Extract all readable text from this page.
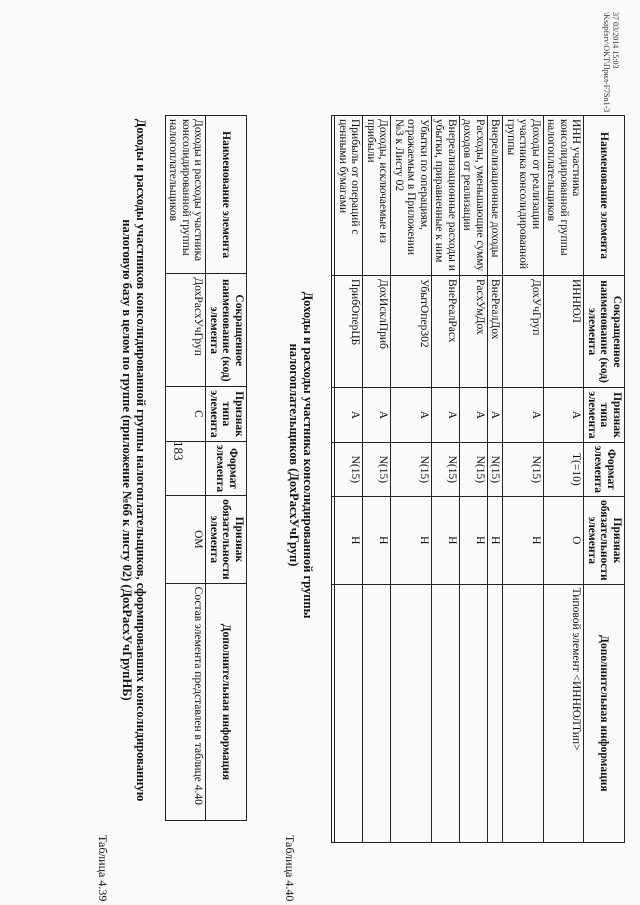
183
Таблица 4.39
Доходы и расходы участников консолидированной группы налогоплательщиков, сформировавших консолидированную
налоговую базу в целом по группе (приложение №6б к листу 02) (ДохРасхУчГрупНБ)
Наименование элемента	Сокращенное наименование (код) элемента	Признак типа элемента	Формат элемента	Признак обязательности элемента	Дополнительная информация
Доходы и расходы участника консолидированной группы налогоплательщиков	ДохРасхУчГруп	С		ОМ	Состав элемента представлен в таблице 4.40
Таблица 4.40
Доходы и расходы участника консолидированной группы налогоплательщиков (ДохРасхУчГруп)
Наименование элемента	Сокращенное наименование (код) элемента	Признак типа элемента	Формат элемента	Признак обязательности элемента	Дополнительная информация
ИНН участника консолидированной группы налогоплательщиков	ИННЮЛ	А	T(=10)	О	Типовой элемент <ИННЮЛТип>
Доходы от реализации участника консолидированной группы	ДохУчГруп	А	N(15)	Н	
Внереализационные доходы	ВнеРеалДох	А	N(15)	Н	
Расходы, уменьшающие сумму доходов от реализации	РасхУмДох	А	N(15)	Н	
Внереализационные расходы и убытки, приравненные к ним	ВнеРеалРасх	А	N(15)	Н	
Убытки по операциям, отражаемым в Приложении №3 к Листу 02	УбытОпер302	А	N(15)	Н	
Доходы, исключаемые из прибыли	ДохИсклПриб	А	N(15)	Н	
Прибыль от операций с ценными бумагами	ПрибОперЦБ	А	N(15)	Н	

37 03/2014 15:03
\Ksapfsrv\OKT\Прил-F7Sn1-3
